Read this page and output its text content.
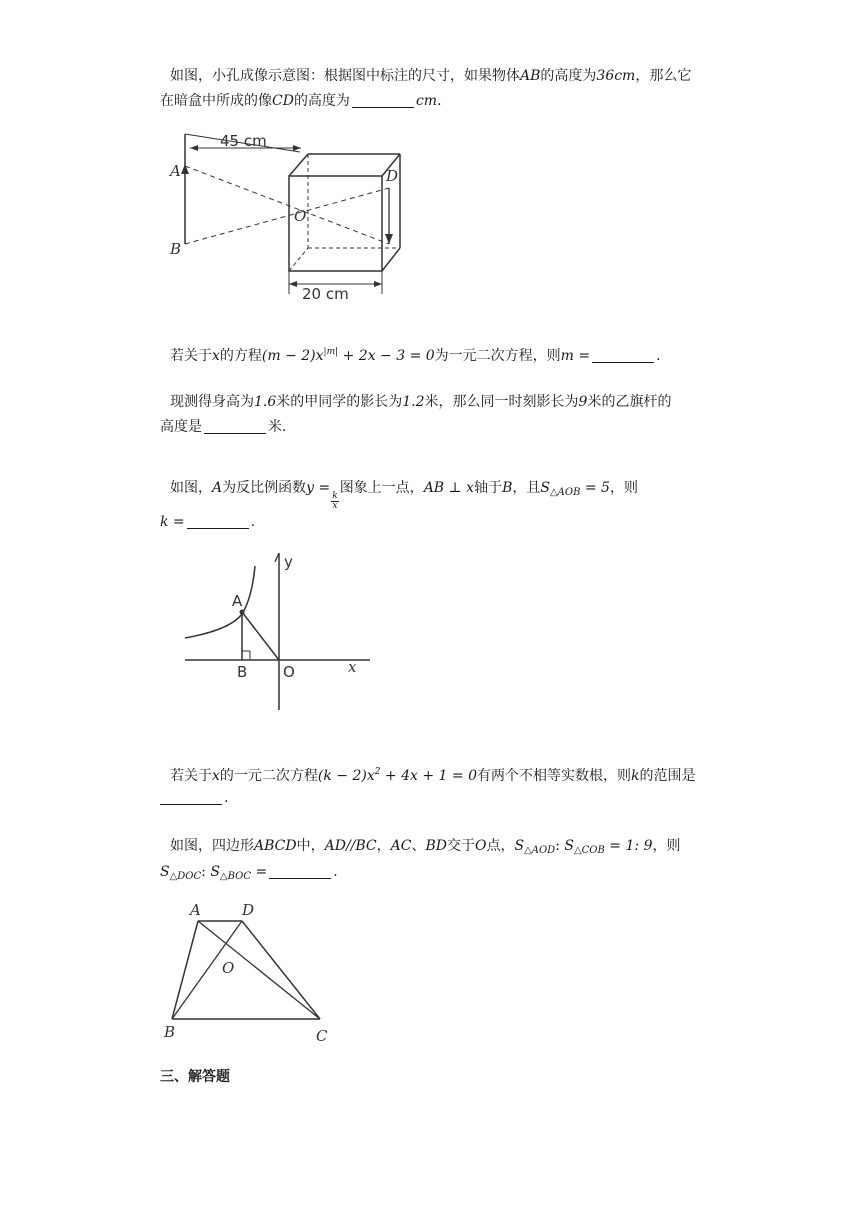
如图，小孔成像示意图：根据图中标注的尺寸，如果物体AB的高度为36cm，那么它
在暗盒中所成的像CD的高度为	cm．
45 cm
20 cm
A
B
O
D
若关于x的方程$(m - 2)x^{|m|} + 2x - 3 = 0$为一元二次方程，则m =	．
现测得身高为1.6米的甲同学的影长为1.2米，那么同一时刻影长为9米的乙旗杆的
高度是	米．
如图，A为反比例函数y =
$\frac{k}{x}$
图象上一点，AB ⊥ x轴于B，且$S_{\triangle AOB} = 5$，则
k =	.
A
B O	x
y
若关于x的一元二次方程$(k - 2)x^2 + 4x + 1 = 0$有两个不相等实数根，则k的范围是
.
如图，四边形ABCD中，AD//BC，AC、BD交于O点，$S_{\triangle AOD}$: $S_{\triangle COB} = 1$: 9，则
$S_{\triangle DOC}$: $S_{\triangle BOC}$ =	.
A	D
O
B	C
三、解答题
